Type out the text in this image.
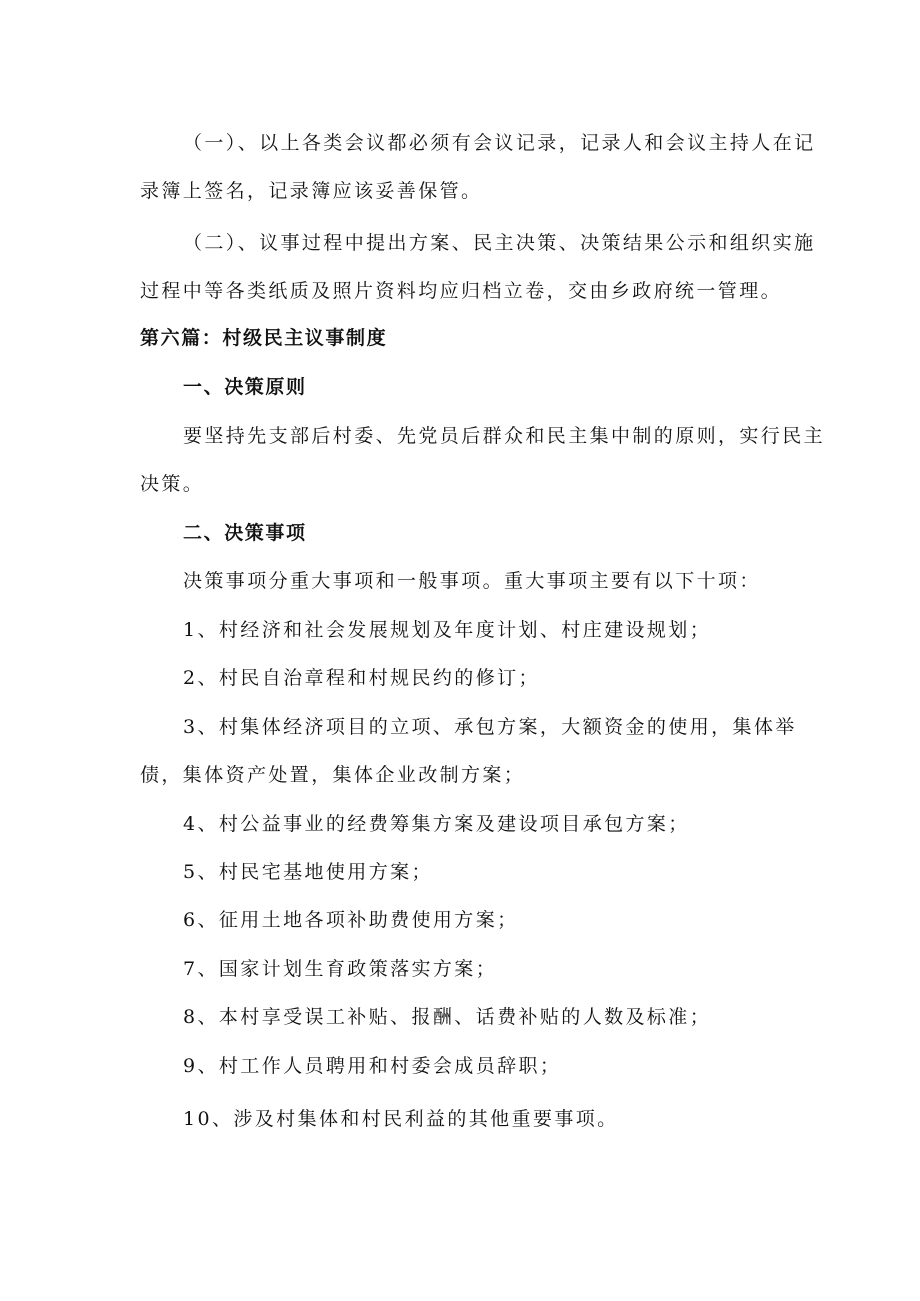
（一）、以上各类会议都必须有会议记录，记录人和会议主持人在记
录簿上签名，记录簿应该妥善保管。
（二）、议事过程中提出方案、民主决策、决策结果公示和组织实施
过程中等各类纸质及照片资料均应归档立卷，交由乡政府统一管理。
第六篇：村级民主议事制度
一、决策原则
要坚持先支部后村委、先党员后群众和民主集中制的原则，实行民主
决策。
二、决策事项
决策事项分重大事项和一般事项。重大事项主要有以下十项：
1、村经济和社会发展规划及年度计划、村庄建设规划；
2、村民自治章程和村规民约的修订；
3、村集体经济项目的立项、承包方案，大额资金的使用，集体举
债，集体资产处置，集体企业改制方案；
4、村公益事业的经费筹集方案及建设项目承包方案；
5、村民宅基地使用方案；
6、征用土地各项补助费使用方案；
7、国家计划生育政策落实方案；
8、本村享受误工补贴、报酬、话费补贴的人数及标准；
9、村工作人员聘用和村委会成员辞职；
10、涉及村集体和村民利益的其他重要事项。
